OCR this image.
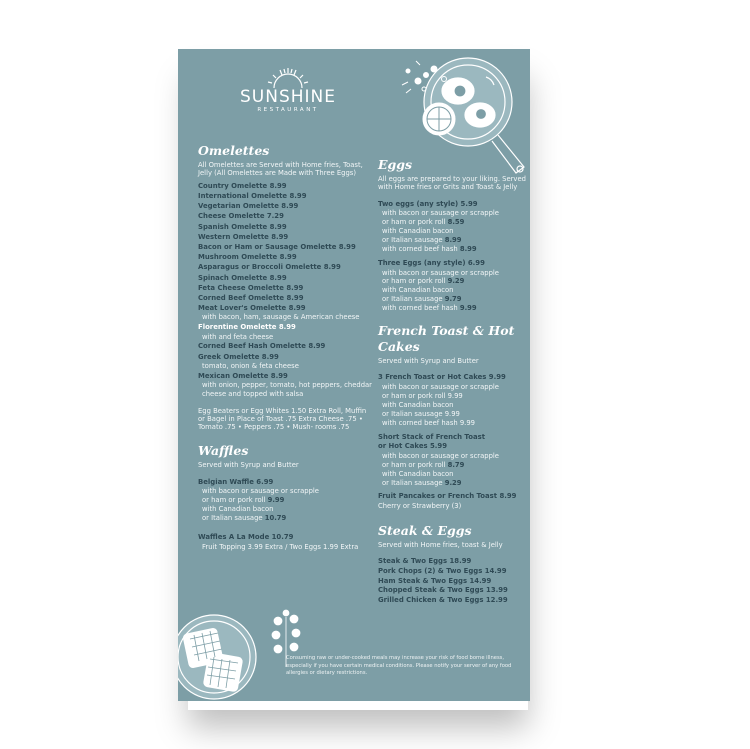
SUNSHINE
RESTAURANT
Omelettes
All Omelettes are Served with Home fries, Toast, Jelly (All Omelettes are Made with Three Eggs)
Country Omelette 8.99
International Omelette 8.99
Vegetarian Omelette 8.99
Cheese Omelette 7.29
Spanish Omelette 8.99
Western Omelette 8.99
Bacon or Ham or Sausage Omelette 8.99
Mushroom Omelette 8.99
Asparagus or Broccoli Omelette 8.99
Spinach Omelette 8.99
Feta Cheese Omelette 8.99
Corned Beef Omelette 8.99
Meat Lover's Omelette 8.99
with bacon, ham, sausage & American cheese
Florentine Omelette 8.99
with and feta cheese
Corned Beef Hash Omelette 8.99
Greek Omelette 8.99
tomato, onion & feta cheese
Mexican Omelette 8.99
with onion, pepper, tomato, hot peppers, cheddar cheese and topped with salsa
Egg Beaters or Egg Whites 1.50 Extra Roll, Muffin or Bagel in Place of Toast .75 Extra Cheese .75 • Tomato .75 • Peppers .75 • Mush- rooms .75
Waffles
Served with Syrup and Butter
Belgian Waffle 6.99
with bacon or sausage or scrapple
or ham or pork roll 9.99
with Canadian bacon
or Italian sausage 10.79
Waffles A La Mode 10.79
Fruit Topping 3.99 Extra / Two Eggs 1.99 Extra
Eggs
All eggs are prepared to your liking. Served with Home fries or Grits and Toast & Jelly
Two eggs (any style) 5.99
with bacon or sausage or scrapple
or ham or pork roll 8.59
with Canadian bacon
or Italian sausage 8.99
with corned beef hash 8.99
Three Eggs (any style) 6.99
with bacon or sausage or scrapple
or ham or pork roll 9.29
with Canadian bacon
or Italian sausage 9.79
with corned beef hash 9.99
French Toast & Hot Cakes
Served with Syrup and Butter
3 French Toast or Hot Cakes 9.99
with bacon or sausage or scrapple
or ham or pork roll 9.99
with Canadian bacon
or Italian sausage 9.99
with corned beef hash 9.99
Short Stack of French Toast
or Hot Cakes 5.99
with bacon or sausage or scrapple
or ham or pork roll 8.79
with Canadian bacon
or Italian sausage 9.29
Fruit Pancakes or French Toast 8.99
Cherry or Strawberry (3)
Steak & Eggs
Served with Home fries, toast & Jelly
Steak & Two Eggs 18.99
Pork Chops (2) & Two Eggs 14.99
Ham Steak & Two Eggs 14.99
Chopped Steak & Two Eggs 13.99
Grilled Chicken & Two Eggs 12.99
Consuming raw or under-cooked meals may increase your risk of food borne illness, especially if you have certain medical conditions. Please notify your server of any food allergies or dietary restrictions.
